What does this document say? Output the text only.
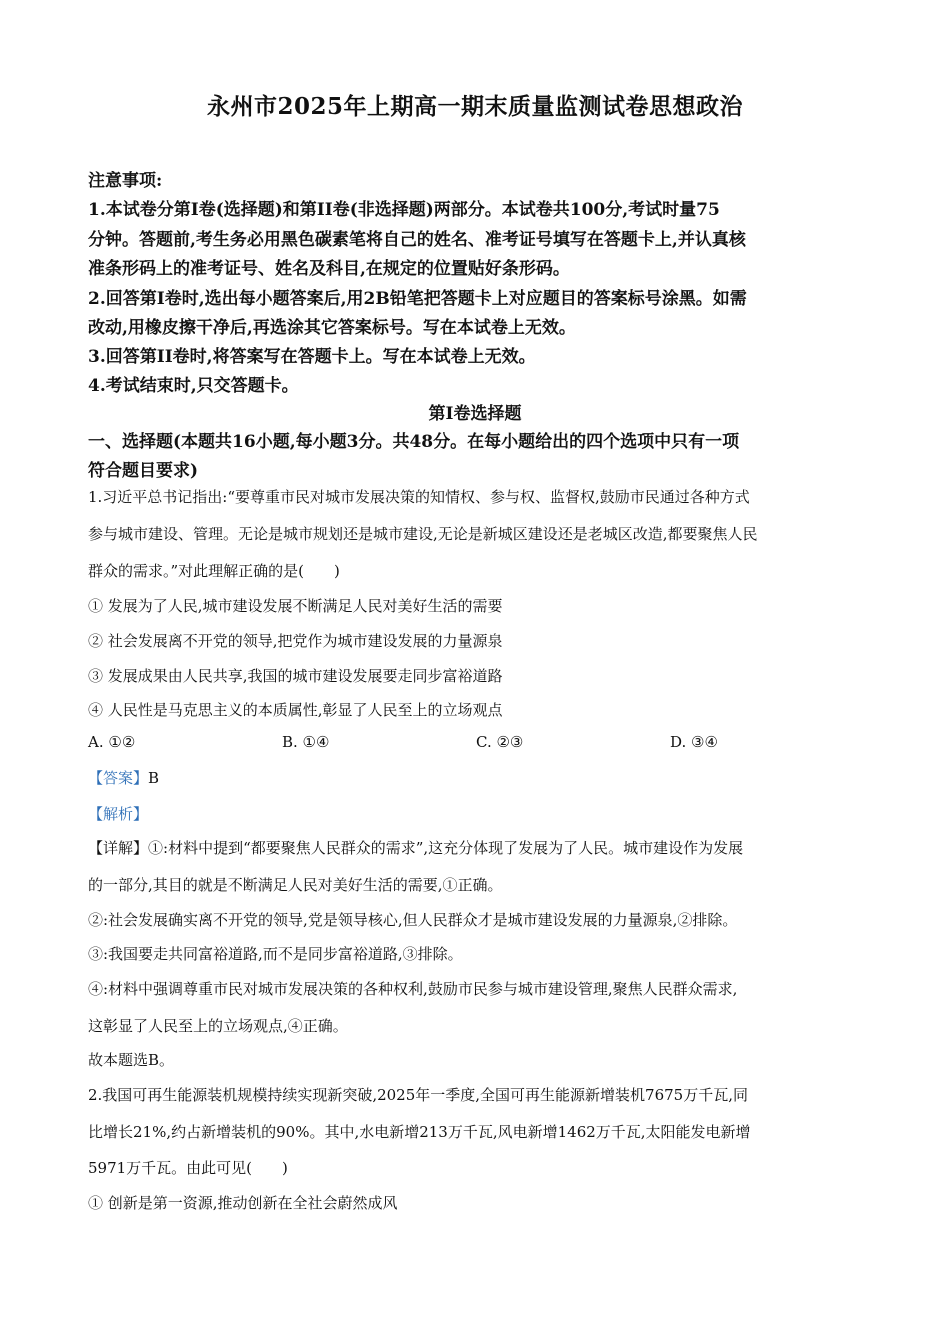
永州市2025年上期高一期末质量监测试卷思想政治
注意事项:
1.本试卷分第Ⅰ卷(选择题)和第II卷(非选择题)两部分。本试卷共100分,考试时量75
分钟。答题前,考生务必用黑色碳素笔将自己的姓名、准考证号填写在答题卡上,并认真核
准条形码上的准考证号、姓名及科目,在规定的位置贴好条形码。
2.回答第Ⅰ卷时,选出每小题答案后,用2B铅笔把答题卡上对应题目的答案标号涂黑。如需
改动,用橡皮擦干净后,再选涂其它答案标号。写在本试卷上无效。
3.回答第II卷时,将答案写在答题卡上。写在本试卷上无效。
4.考试结束时,只交答题卡。
第Ⅰ卷选择题
一、选择题(本题共16小题,每小题3分。共48分。在每小题给出的四个选项中只有一项
符合题目要求)
1.习近平总书记指出:“要尊重市民对城市发展决策的知情权、参与权、监督权,鼓励市民通过各种方式
参与城市建设、管理。无论是城市规划还是城市建设,无论是新城区建设还是老城区改造,都要聚焦人民
群众的需求。”对此理解正确的是(　　)
① 发展为了人民,城市建设发展不断满足人民对美好生活的需要
② 社会发展离不开党的领导,把党作为城市建设发展的力量源泉
③ 发展成果由人民共享,我国的城市建设发展要走同步富裕道路
④ 人民性是马克思主义的本质属性,彰显了人民至上的立场观点
A. ①②	B. ①④	C. ②③	D. ③④
【答案】B
【解析】
【详解】①:材料中提到“都要聚焦人民群众的需求”,这充分体现了发展为了人民。城市建设作为发展
的一部分,其目的就是不断满足人民对美好生活的需要,①正确。
②:社会发展确实离不开党的领导,党是领导核心,但人民群众才是城市建设发展的力量源泉,②排除。
③:我国要走共同富裕道路,而不是同步富裕道路,③排除。
④:材料中强调尊重市民对城市发展决策的各种权利,鼓励市民参与城市建设管理,聚焦人民群众需求,
这彰显了人民至上的立场观点,④正确。
故本题选B。
2.我国可再生能源装机规模持续实现新突破,2025年一季度,全国可再生能源新增装机7675万千瓦,同
比增长21%,约占新增装机的90%。其中,水电新增213万千瓦,风电新增1462万千瓦,太阳能发电新增
5971万千瓦。由此可见(　　)
① 创新是第一资源,推动创新在全社会蔚然成风
